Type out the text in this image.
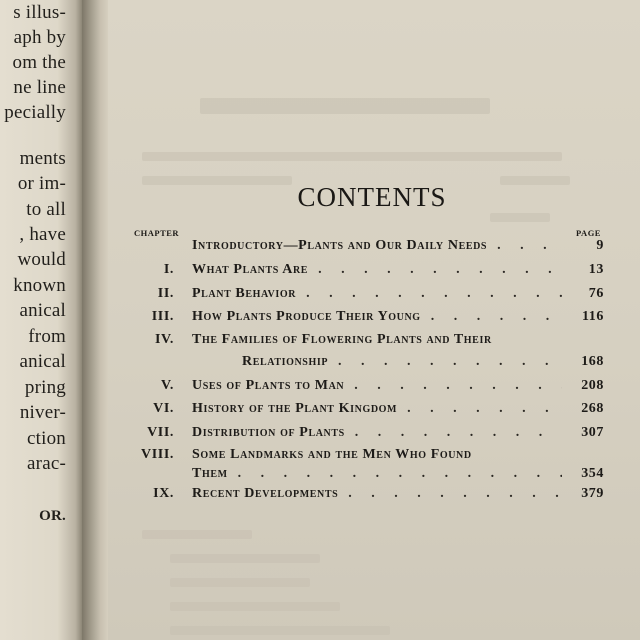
s illus-
aph by
om the
ne line
pecially
ments
or im-
to all
, have
would
known
anical
from
anical
pring
niver-
ction
arac-
OR.
CONTENTS
CHAPTER	PAGE
Introductory—Plants and Our Daily Needs . . .	9
I. What Plants Are . . .	13
II. Plant Behavior . . .	76
III. How Plants Produce Their Young . . .	116
IV. The Families of Flowering Plants and Their
Relationship . . .	168
V. Uses of Plants to Man . . .	208
VI. History of the Plant Kingdom . . .	268
VII. Distribution of Plants . . .	307
VIII. Some Landmarks and the Men Who Found
Them . . .	354
IX. Recent Developments . . .	379
